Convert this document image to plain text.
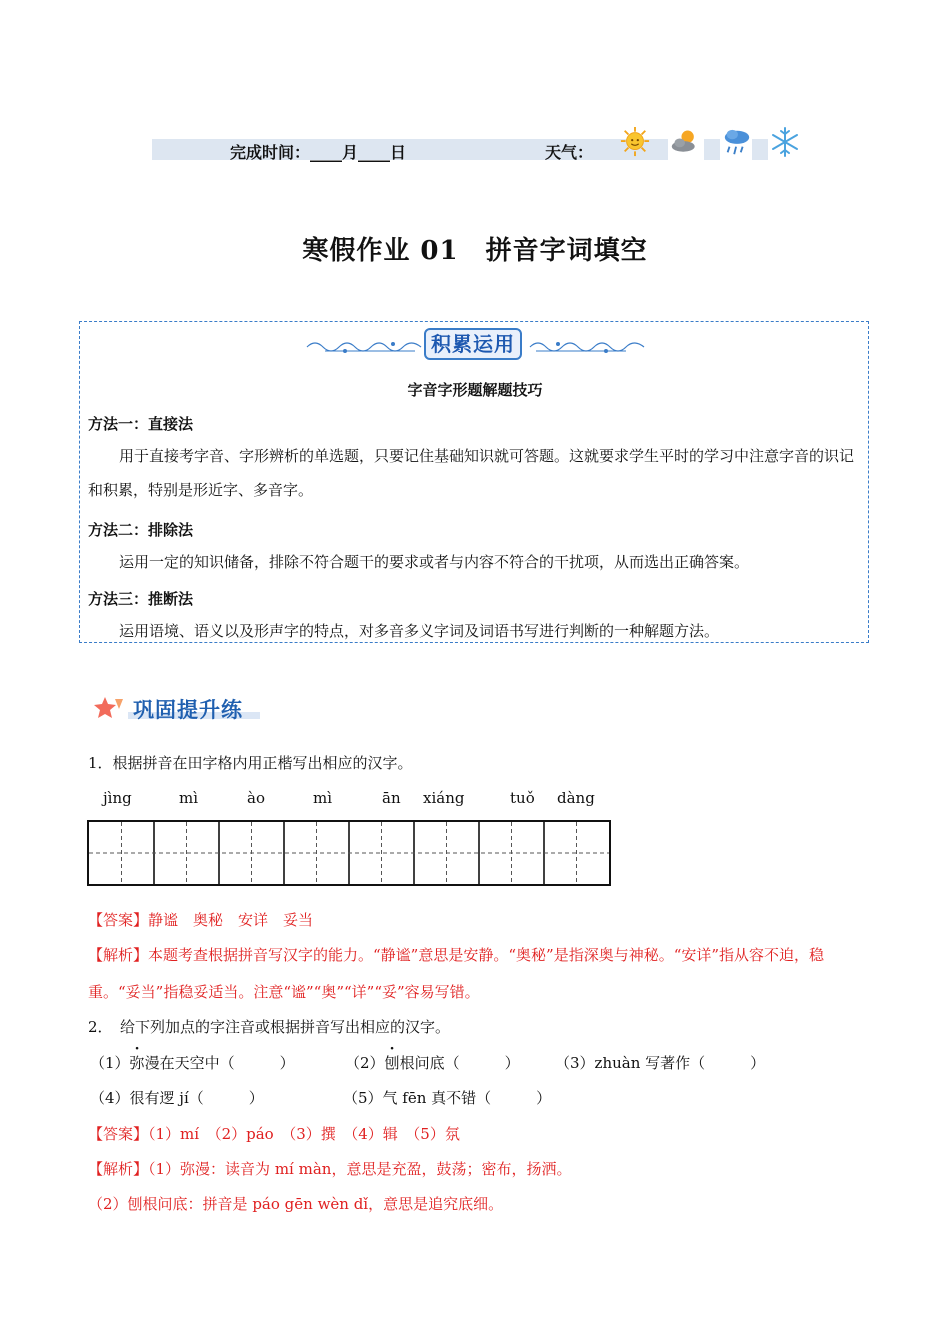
完成时间：____月____日	天气：
寒假作业 01　拼音字词填空
积累运用
字音字形题解题技巧
方法一：直接法
用于直接考字音、字形辨析的单选题，只要记住基础知识就可答题。这就要求学生平时的学习中注意字音的识记和积累，特别是形近字、多音字。
方法二：排除法
运用一定的知识储备，排除不符合题干的要求或者与内容不符合的干扰项，从而选出正确答案。
方法三：推断法
运用语境、语义以及形声字的特点，对多音多义字词及词语书写进行判断的一种解题方法。
巩固提升练
1．根据拼音在田字格内用正楷写出相应的汉字。
jìng	mì	ào	mì	ān xiáng	tuǒ dàng
【答案】静谧　奥秘　安详　妥当
【解析】本题考查根据拼音写汉字的能力。“静谧”意思是安静。“奥秘”是指深奥与神秘。“安详”指从容不迫，稳重。“妥当”指稳妥适当。注意“谧”“奥”“详”“妥”容易写错。
2．　给下列加点的字注音或根据拼音写出相应的汉字。
（1）弥漫在天空中（　　　）	（2）刨根问底（　　　） （3）zhuàn 写著作（　　　）
（4）很有逻 jí（　　　）	（5）气 fēn 真不错（　　　）
【答案】（1）mí　（2）páo　（3）撰　（4）辑　（5）氛
【解析】（1）弥漫：读音为 mí màn，意思是充盈，鼓荡；密布，扬洒。
（2）刨根问底：拼音是 páo gēn wèn dǐ，意思是追究底细。
